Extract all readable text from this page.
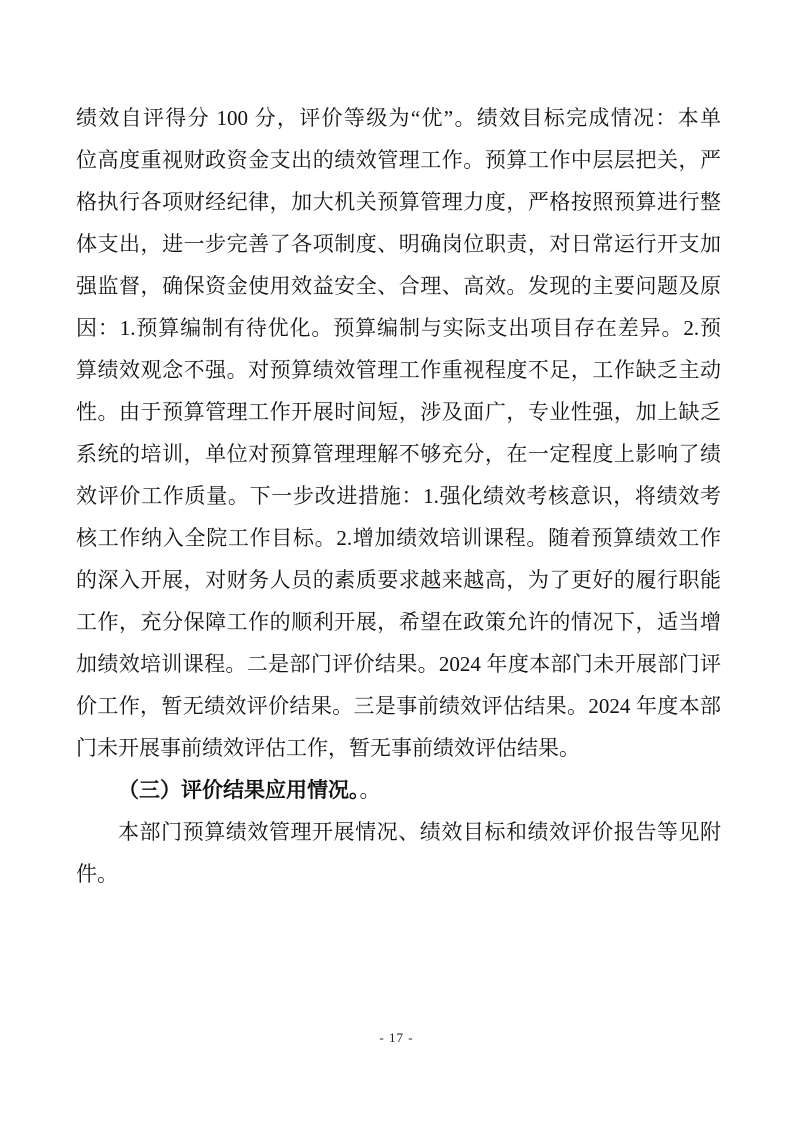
绩效自评得分 100 分，评价等级为“优”。绩效目标完成情况：本单
位高度重视财政资金支出的绩效管理工作。预算工作中层层把关，严
格执行各项财经纪律，加大机关预算管理力度，严格按照预算进行整
体支出，进一步完善了各项制度、明确岗位职责，对日常运行开支加
强监督，确保资金使用效益安全、合理、高效。发现的主要问题及原
因：1.预算编制有待优化。预算编制与实际支出项目存在差异。2.预
算绩效观念不强。对预算绩效管理工作重视程度不足，工作缺乏主动
性。由于预算管理工作开展时间短，涉及面广，专业性强，加上缺乏
系统的培训，单位对预算管理理解不够充分，在一定程度上影响了绩
效评价工作质量。下一步改进措施：1.强化绩效考核意识，将绩效考
核工作纳入全院工作目标。2.增加绩效培训课程。随着预算绩效工作
的深入开展，对财务人员的素质要求越来越高，为了更好的履行职能
工作，充分保障工作的顺利开展，希望在政策允许的情况下，适当增
加绩效培训课程。二是部门评价结果。2024 年度本部门未开展部门评
价工作，暂无绩效评价结果。三是事前绩效评估结果。2024 年度本部
门未开展事前绩效评估工作，暂无事前绩效评估结果。
（三）评价结果应用情况。。
本部门预算绩效管理开展情况、绩效目标和绩效评价报告等见附
件。
- 17 -
